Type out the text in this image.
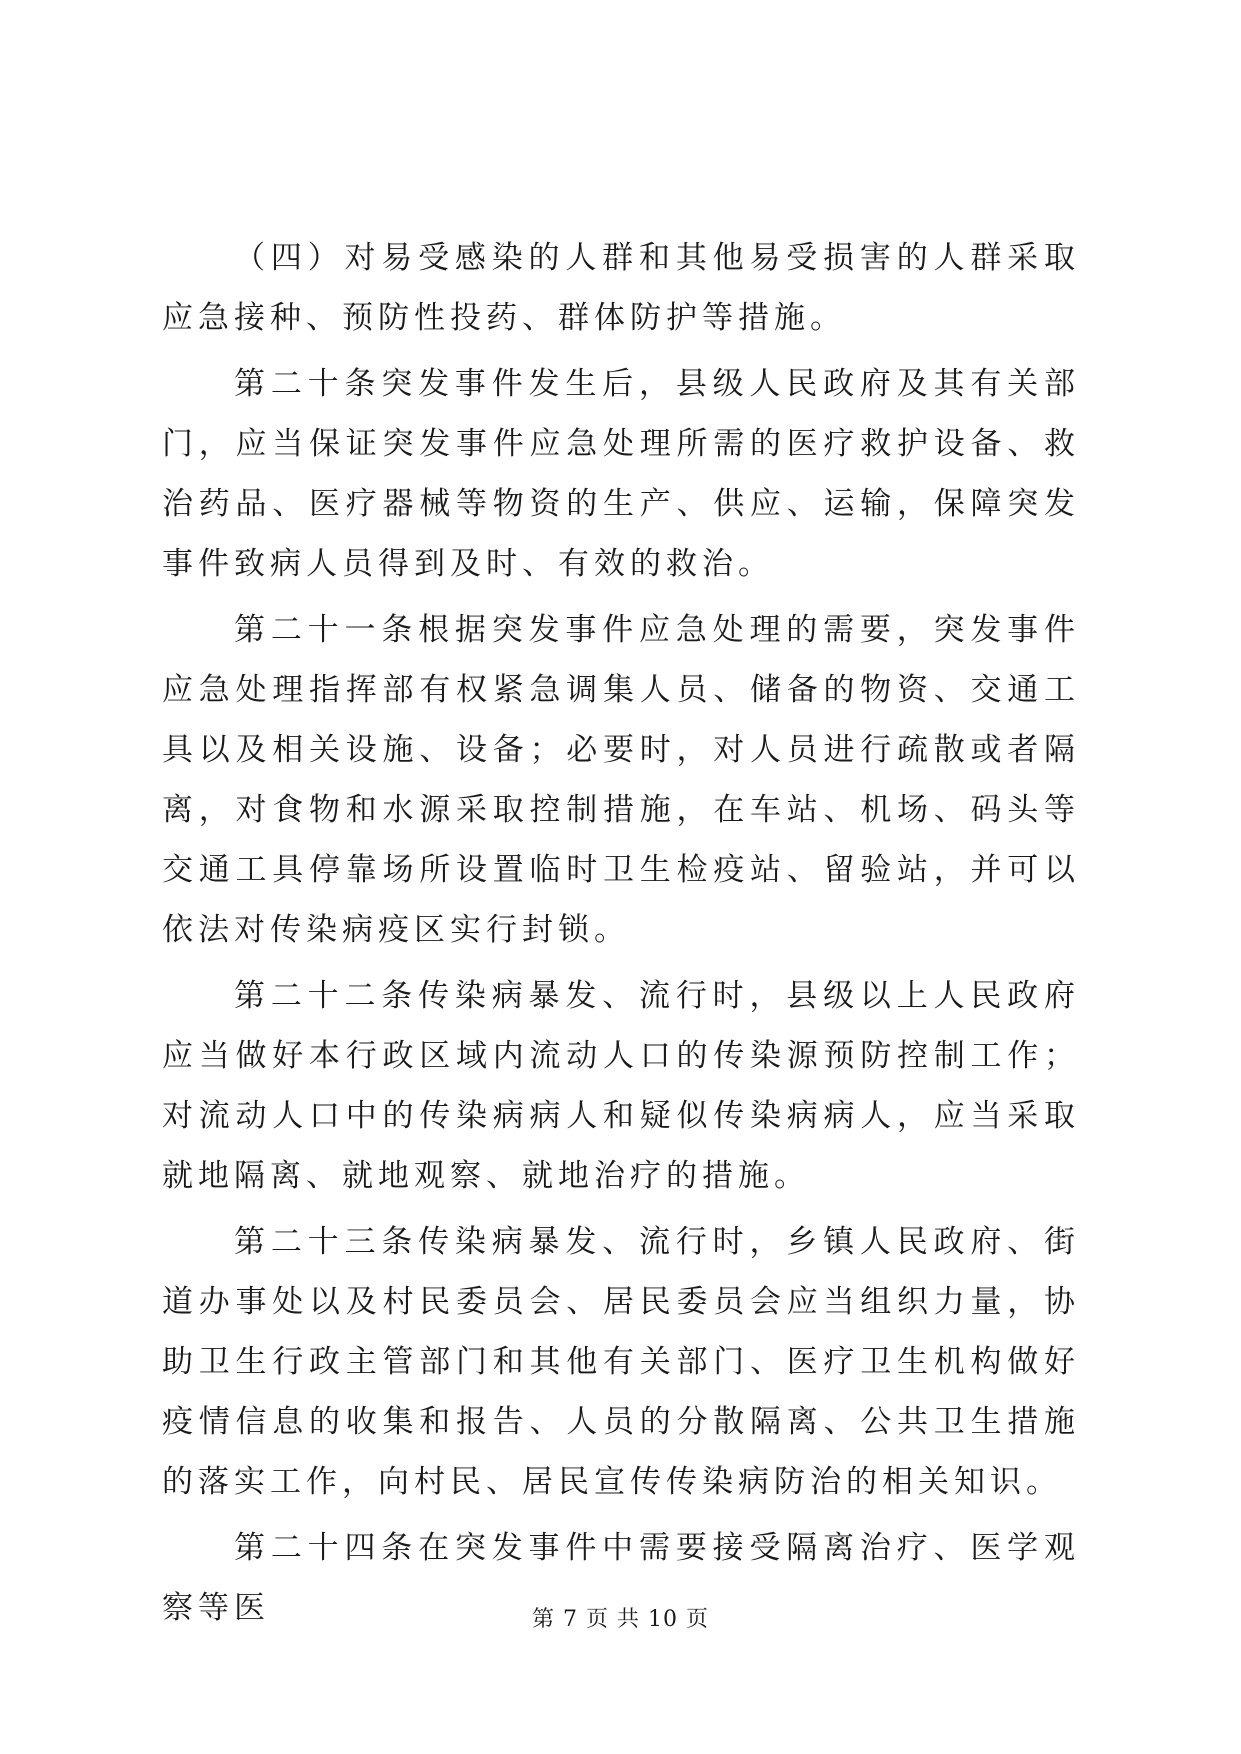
（四）对易受感染的人群和其他易受损害的人群采取应急接种、预防性投药、群体防护等措施。

第二十条突发事件发生后，县级人民政府及其有关部门，应当保证突发事件应急处理所需的医疗救护设备、救治药品、医疗器械等物资的生产、供应、运输，保障突发事件致病人员得到及时、有效的救治。

第二十一条根据突发事件应急处理的需要，突发事件应急处理指挥部有权紧急调集人员、储备的物资、交通工具以及相关设施、设备；必要时，对人员进行疏散或者隔离，对食物和水源采取控制措施，在车站、机场、码头等交通工具停靠场所设置临时卫生检疫站、留验站，并可以依法对传染病疫区实行封锁。

第二十二条传染病暴发、流行时，县级以上人民政府应当做好本行政区域内流动人口的传染源预防控制工作；对流动人口中的传染病病人和疑似传染病病人，应当采取就地隔离、就地观察、就地治疗的措施。

第二十三条传染病暴发、流行时，乡镇人民政府、街道办事处以及村民委员会、居民委员会应当组织力量，协助卫生行政主管部门和其他有关部门、医疗卫生机构做好疫情信息的收集和报告、人员的分散隔离、公共卫生措施的落实工作，向村民、居民宣传传染病防治的相关知识。

第二十四条在突发事件中需要接受隔离治疗、医学观察等医	第 7 页 共 10 页
